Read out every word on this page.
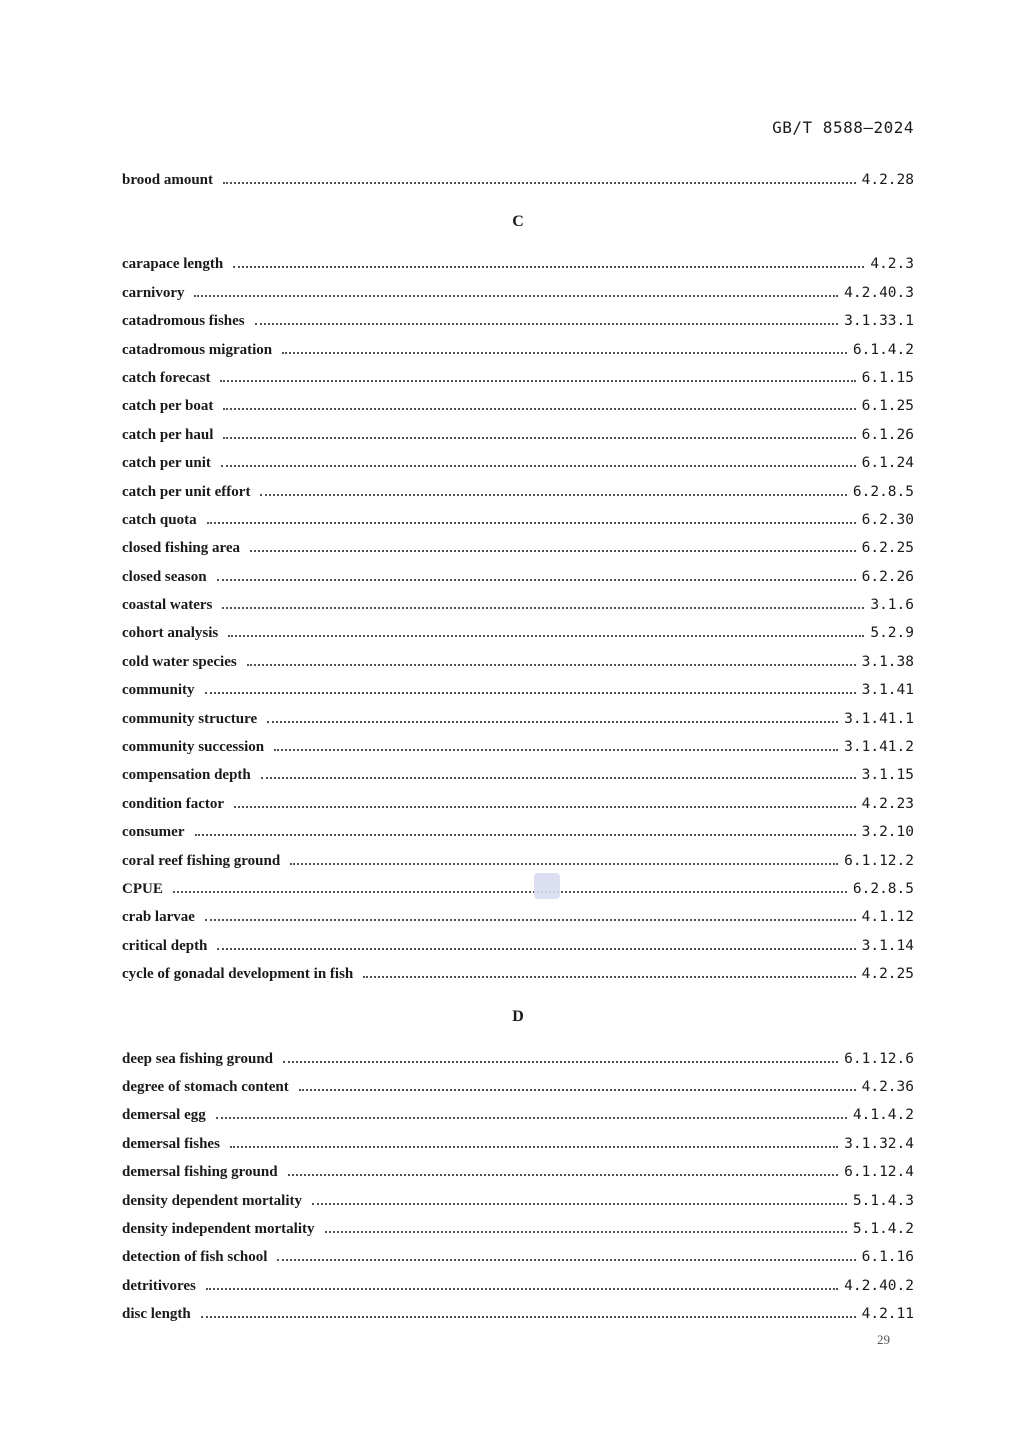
GB/T 8588—2024
brood amount	4.2.28
C
carapace length	4.2.3
carnivory	4.2.40.3
catadromous fishes	3.1.33.1
catadromous migration	6.1.4.2
catch forecast	6.1.15
catch per boat	6.1.25
catch per haul	6.1.26
catch per unit	6.1.24
catch per unit effort	6.2.8.5
catch quota	6.2.30
closed fishing area	6.2.25
closed season	6.2.26
coastal waters	3.1.6
cohort analysis	5.2.9
cold water species	3.1.38
community	3.1.41
community structure	3.1.41.1
community succession	3.1.41.2
compensation depth	3.1.15
condition factor	4.2.23
consumer	3.2.10
coral reef fishing ground	6.1.12.2
CPUE	6.2.8.5
crab larvae	4.1.12
critical depth	3.1.14
cycle of gonadal development in fish	4.2.25
D
deep sea fishing ground	6.1.12.6
degree of stomach content	4.2.36
demersal egg	4.1.4.2
demersal fishes	3.1.32.4
demersal fishing ground	6.1.12.4
density dependent mortality	5.1.4.3
density independent mortality	5.1.4.2
detection of fish school	6.1.16
detritivores	4.2.40.2
disc length	4.2.11
29
